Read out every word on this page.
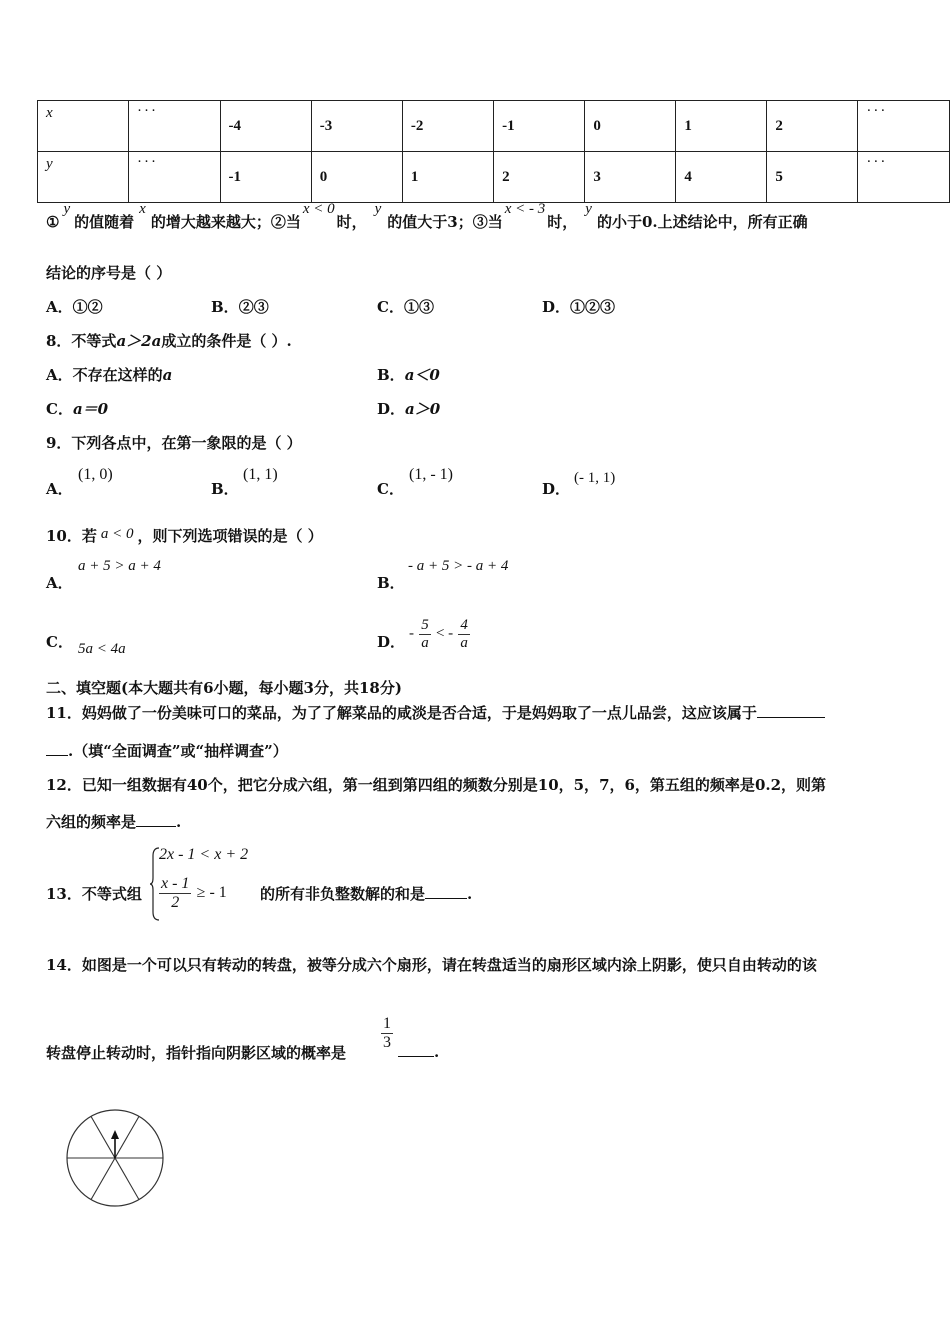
x	···	-4	-3	-2	-1	0	1	2	···
y	···	-1	0	1	2	3	4	5	···
①y的值随着x的增大越来越大；②当x < 0时，y的值大于3；③当x < - 3时，y的小于0.上述结论中，所有正确
结论的序号是（ ）
A．①②	B．②③	C．①③	D．①②③
8．不等式a＞2a成立的条件是（ ）.
A．不存在这样的a	B．a＜0
C．a＝0	D．a＞0
9．下列各点中，在第一象限的是（ ）
A．
(1, 0)
B．
(1, 1)
C．
(1, - 1)
D．
(- 1, 1)
10．若 a < 0 ，则下列选项错误的是（ ）
A．
a + 5 > a + 4
B．
- a + 5 > - a + 4
C． 5a < 4a	D． - $\frac{5}{a}$ < - $\frac{4}{a}$
二、填空题(本大题共有6小题，每小题3分，共18分)
11．妈妈做了一份美味可口的菜品，为了了解菜品的咸淡是否合适，于是妈妈取了一点儿品尝，这应该属于
.（填“全面调查”或“抽样调查”）
12．已知一组数据有40个，把它分成六组，第一组到第四组的频数分别是10，5，7，6，第五组的频率是0.2，则第
六组的频率是	.
13．不等式组
2x - 1 < x + 2
$\frac{x - 1}{2}$ ≥ - 1 的所有非负整数解的和是	.
14．如图是一个可以只有转动的转盘，被等分成六个扇形，请在转盘适当的扇形区域内涂上阴影，使只自由转动的该
转盘停止转动时，指针指向阴影区域的概率是
$\frac{1}{3}$
.
